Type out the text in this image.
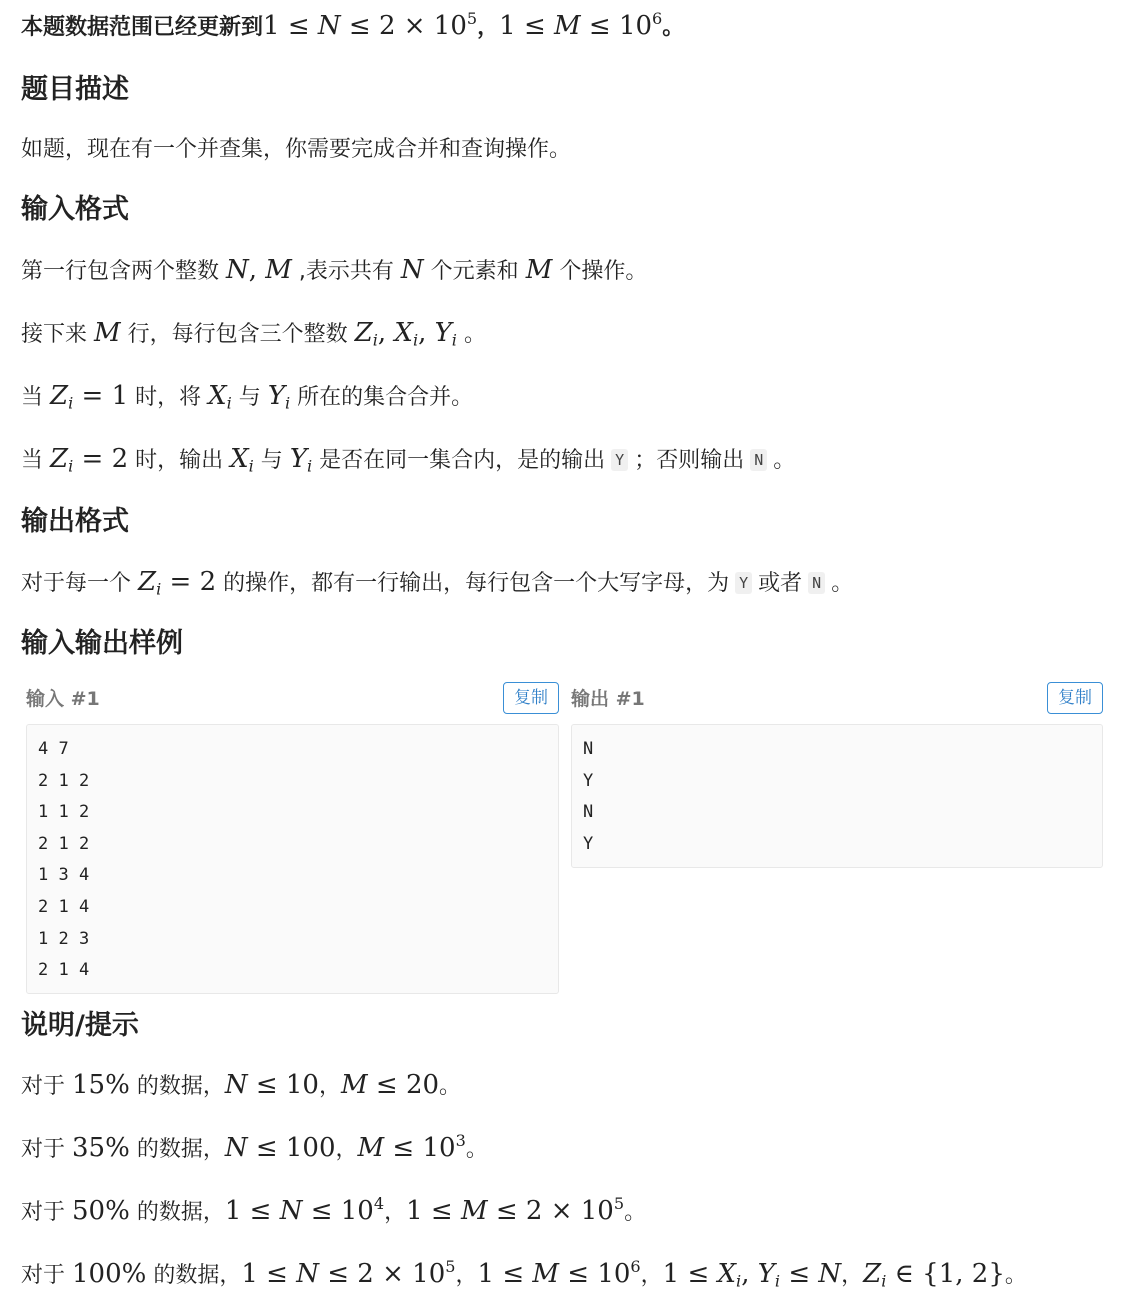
本题数据范围已经更新到$1 \le N \le 2 \times 10^5$，$1 \le M \le 10^6$。
题目描述
如题，现在有一个并查集，你需要完成合并和查询操作。
输入格式
第一行包含两个整数 N, M ,表示共有 N 个元素和 M 个操作。
接下来 M 行，每行包含三个整数 $Z_i$, $X_i$, $Y_i$ 。
当 $Z_i = 1$ 时，将 $X_i$ 与 $Y_i$ 所在的集合合并。
当 $Z_i = 2$ 时，输出 $X_i$ 与 $Y_i$ 是否在同一集合内，是的输出 Y ；否则输出 N 。
输出格式
对于每一个 $Z_i = 2$ 的操作，都有一行输出，每行包含一个大写字母，为 Y 或者 N 。
输入输出样例
输入 #1	复制
4 7
2 1 2
1 1 2
2 1 2
1 3 4
2 1 4
1 2 3
2 1 4
输出 #1	复制
N
Y
N
Y
说明/提示
对于 15% 的数据，N ≤ 10，M ≤ 20。
对于 35% 的数据，N ≤ 100，$M \le 10^3$。
对于 50% 的数据，$1 \le N \le 10^4$，$1 \le M \le 2 \times 10^5$。
对于 100% 的数据，$1 \le N \le 2 \times 10^5$，$1 \le M \le 10^6$，$1 \le X_i$, $Y_i \le N$，$Z_i$ ∈ {1, 2}。
